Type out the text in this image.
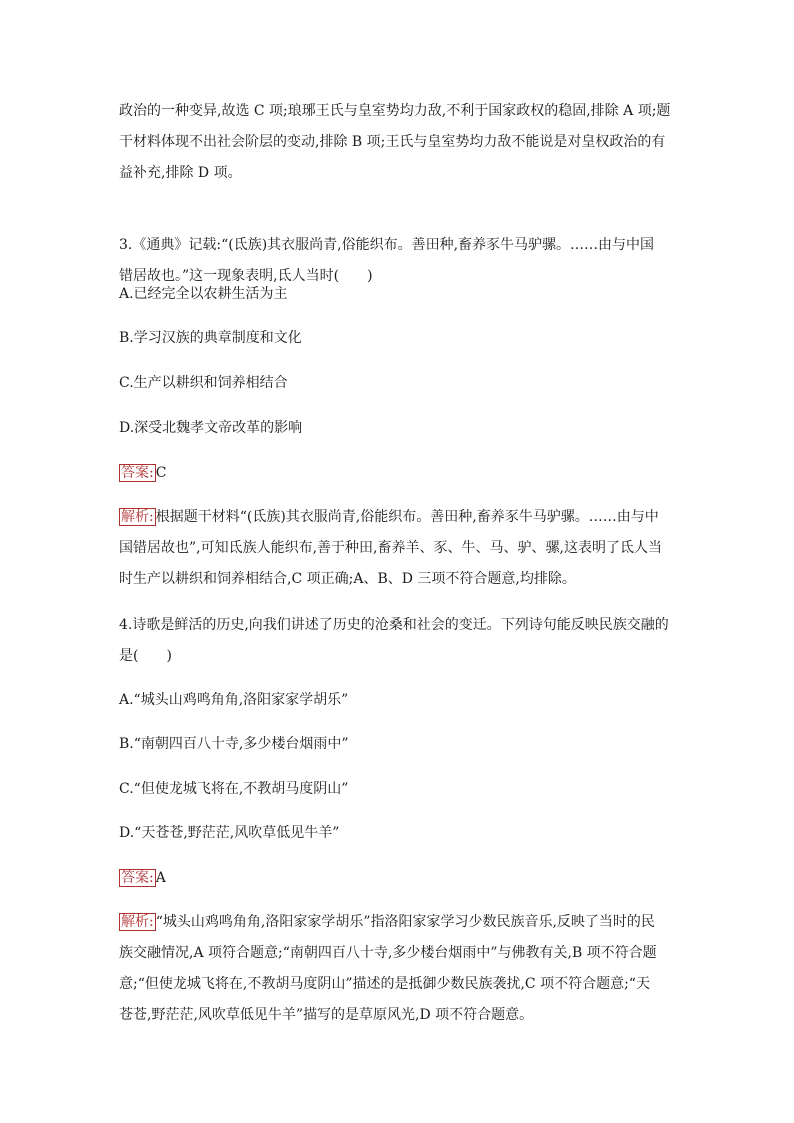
政治的一种变异,故选 C 项;琅琊王氏与皇室势均力敌,不利于国家政权的稳固,排除 A 项;题
干材料体现不出社会阶层的变动,排除 B 项;王氏与皇室势均力敌不能说是对皇权政治的有
益补充,排除 D 项。
3.《通典》记载:“(氐族)其衣服尚青,俗能织布。善田种,畜养豕牛马驴骡。……由与中国
错居故也。”这一现象表明,氐人当时(　　)
A.已经完全以农耕生活为主
B.学习汉族的典章制度和文化
C.生产以耕织和饲养相结合
D.深受北魏孝文帝改革的影响
答案: C
解析: 根据题干材料“(氐族)其衣服尚青,俗能织布。善田种,畜养豕牛马驴骡。……由与中
国错居故也”,可知氐族人能织布,善于种田,畜养羊、豕、牛、马、驴、骡,这表明了氐人当
时生产以耕织和饲养相结合,C 项正确;A、B、D 三项不符合题意,均排除。
4.诗歌是鲜活的历史,向我们讲述了历史的沧桑和社会的变迁。下列诗句能反映民族交融的
是(　　)
A.“城头山鸡鸣角角,洛阳家家学胡乐”
B.“南朝四百八十寺,多少楼台烟雨中”
C.“但使龙城飞将在,不教胡马度阴山”
D.“天苍苍,野茫茫,风吹草低见牛羊”
答案: A
解析: “城头山鸡鸣角角,洛阳家家学胡乐”指洛阳家家学习少数民族音乐,反映了当时的民
族交融情况,A 项符合题意;“南朝四百八十寺,多少楼台烟雨中”与佛教有关,B 项不符合题
意;“但使龙城飞将在,不教胡马度阴山”描述的是抵御少数民族袭扰,C 项不符合题意;“天
苍苍,野茫茫,风吹草低见牛羊”描写的是草原风光,D 项不符合题意。
